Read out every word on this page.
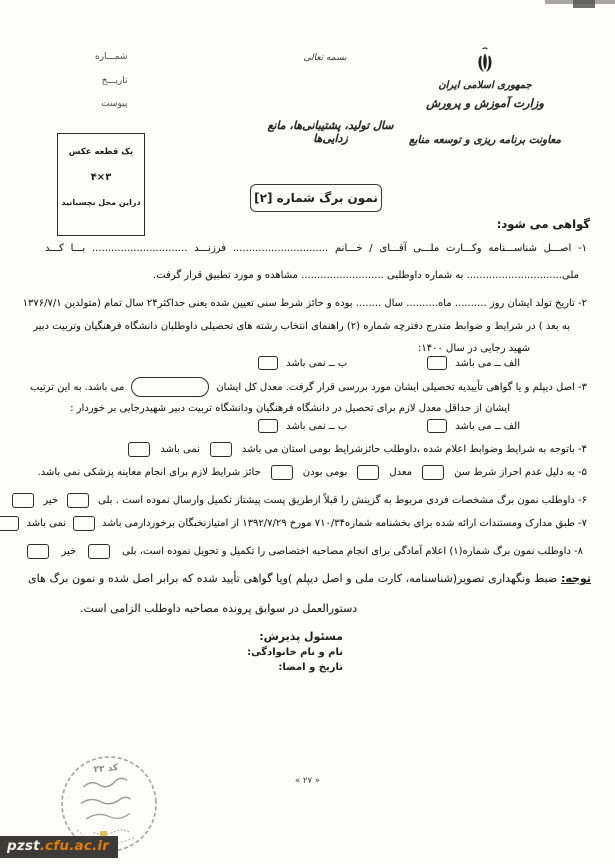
جمهوری اسلامی ایران
وزارت آموزش و پرورش
معاونت برنامه ریزی و توسعه منابع
بسمه تعالی
سال تولید، پشتیبانی‌ها، مانع زدایی‌ها
شمـــاره
تاریـــخ
پیوست
یک قطعه عکس
۳×۴
دراین محل بچسبانید	نمون برگ شماره [۲]
گواهی می شود:
۱- اصـــل شناســـنامه وکـــارت ملـــی آقـــای / خـــانم .............................. فرزنـــد .............................. بـــا کـــد
ملی.............................. به شماره داوطلبی .......................... مشاهده و مورد تطبیق قرار گرفت.
۲- تاریخ تولد ایشان روز .......... ماه.......... سال ........ بوده و حائز شرط سنی تعیین شده یعنی حداکثر۲۴ سال تمام (متولدین ۱۳۷۶/۷/۱
به بعد ) در شرایط و ضوابط مندرج دفترچه شماره (۲) راهنمای انتخاب رشته های تحصیلی داوطلبان دانشگاه فرهنگیان وتربیت دبیر
شهید رجایی در سال ۱۴۰۰:
الف ــ می باشد
ب ــ نمی باشد
۳- اصل دیپلم و یا گواهی تأییدیه تحصیلی ایشان مورد بررسی قرار گرفت. معدل کل ایشان
می باشد. به این ترتیب
ایشان از حداقل معدل لازم برای تحصیل در دانشگاه فرهنگیان ودانشگاه تربیت دبیر شهیدرجایی بر خوردار :
الف ــ می باشد
ب ــ نمی باشد
۴- باتوجه به شرایط وضوابط اعلام شده ،داوطلب حائزشرایط بومی استان می باشد
نمی باشد
۵- به دلیل عدم احراز شرط سن
معدل
بومی بودن
حائز شرایط لازم برای انجام معاینه پزشکی نمی باشد.
۶- داوطلب نمون برگ مشخصات فردی مربوط به گزینش را قبلاً ازطریق پست پیشتاز تکمیل وارسال نموده است . بلی
خیر
۷- طبق مدارک ومستندات ارائه شده برای بخشنامه شماره۷۱۰/۳۴ مورخ ۱۳۹۲/۷/۲۹ از امتیازنخبگان برخوردارمی باشد
نمی باشد
۸- داوطلب نمون برگ شماره(۱) اعلام آمادگی برای انجام مصاحبه اختصاصی را تکمیل و تحویل نموده است، بلی
خیر
توجه: ضبط ونگهداری تصویر(شناسنامه، کارت ملی و اصل دیپلم )ویا گواهی تأیید شده که برابر اصل شده و نمون برگ های
دستورالعمل در سوابق پرونده مصاحبه داوطلب الزامی است.
مسئول پذیرش:
نام و نام خانوادگی:
تاریخ و امضا:
کد ۲۲
« ۲۷ »
pzst.cfu.ac.ir
